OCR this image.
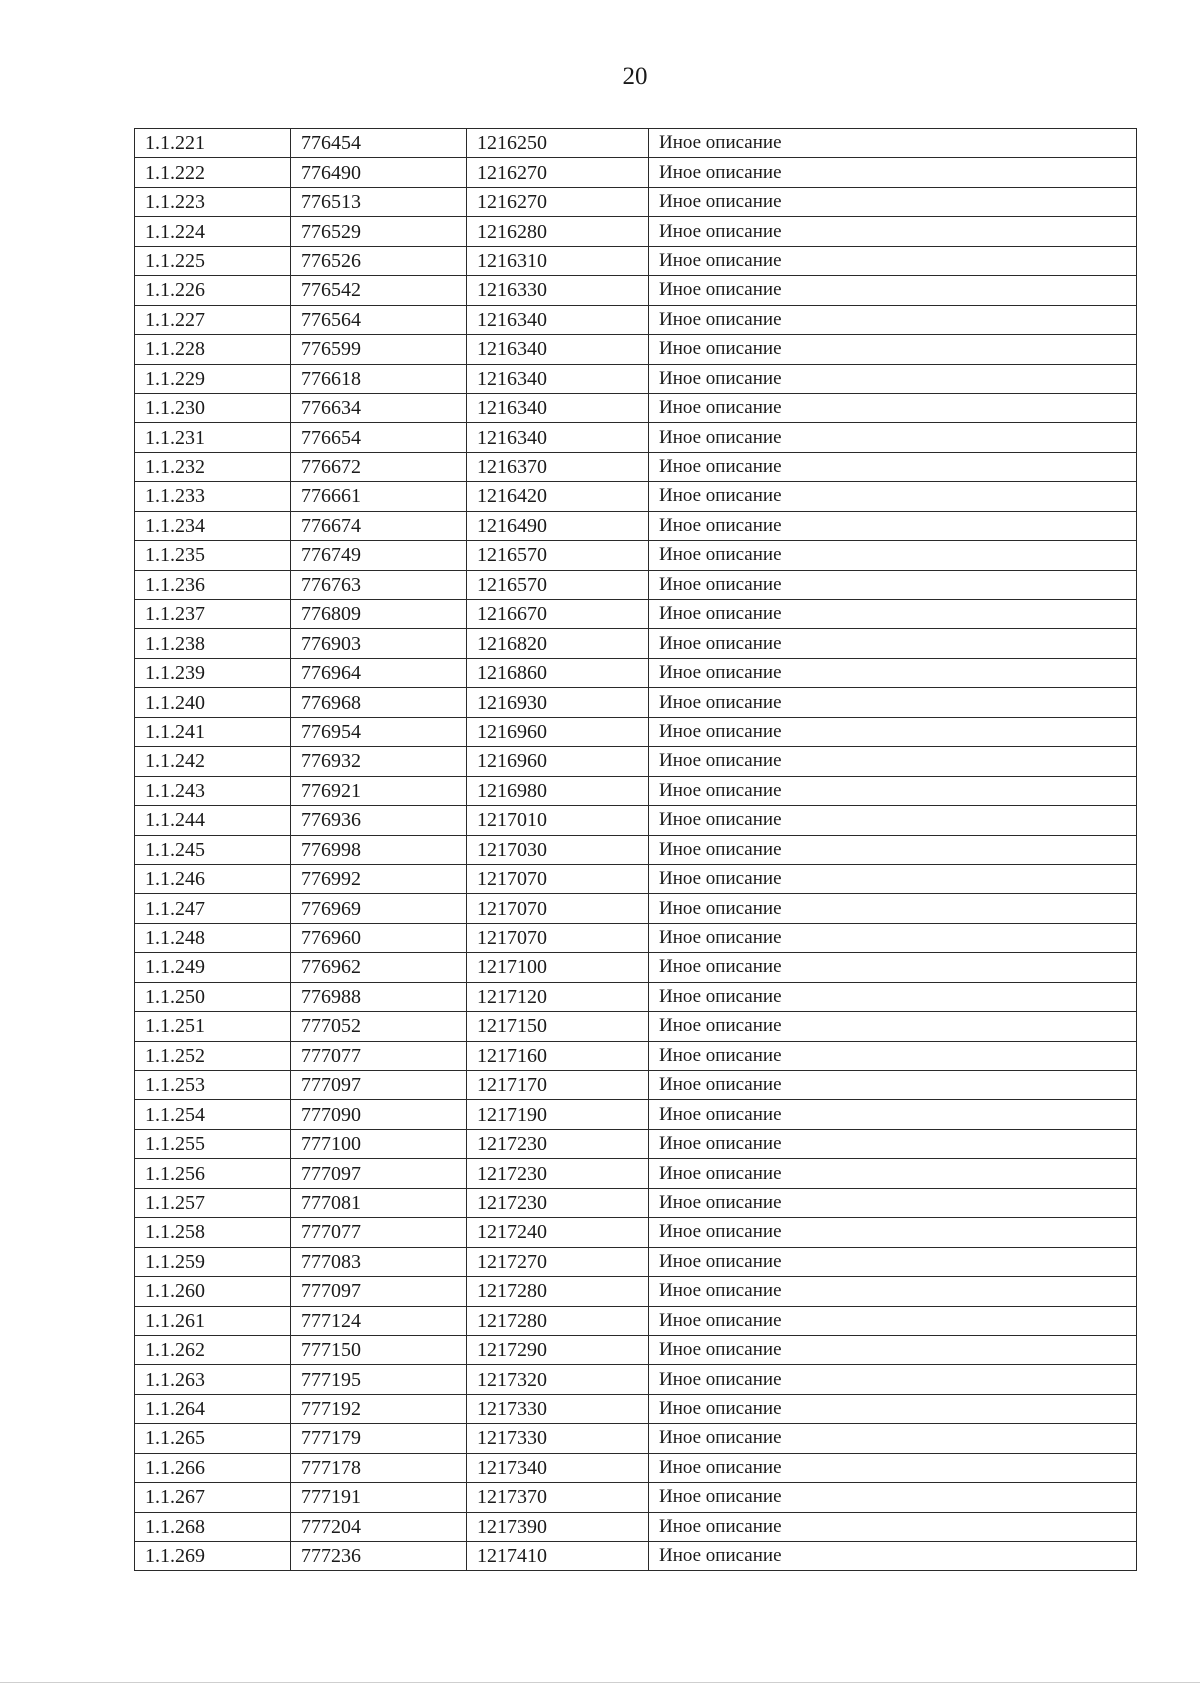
20
1.1.221	776454	1216250	Иное описание
1.1.222	776490	1216270	Иное описание
1.1.223	776513	1216270	Иное описание
1.1.224	776529	1216280	Иное описание
1.1.225	776526	1216310	Иное описание
1.1.226	776542	1216330	Иное описание
1.1.227	776564	1216340	Иное описание
1.1.228	776599	1216340	Иное описание
1.1.229	776618	1216340	Иное описание
1.1.230	776634	1216340	Иное описание
1.1.231	776654	1216340	Иное описание
1.1.232	776672	1216370	Иное описание
1.1.233	776661	1216420	Иное описание
1.1.234	776674	1216490	Иное описание
1.1.235	776749	1216570	Иное описание
1.1.236	776763	1216570	Иное описание
1.1.237	776809	1216670	Иное описание
1.1.238	776903	1216820	Иное описание
1.1.239	776964	1216860	Иное описание
1.1.240	776968	1216930	Иное описание
1.1.241	776954	1216960	Иное описание
1.1.242	776932	1216960	Иное описание
1.1.243	776921	1216980	Иное описание
1.1.244	776936	1217010	Иное описание
1.1.245	776998	1217030	Иное описание
1.1.246	776992	1217070	Иное описание
1.1.247	776969	1217070	Иное описание
1.1.248	776960	1217070	Иное описание
1.1.249	776962	1217100	Иное описание
1.1.250	776988	1217120	Иное описание
1.1.251	777052	1217150	Иное описание
1.1.252	777077	1217160	Иное описание
1.1.253	777097	1217170	Иное описание
1.1.254	777090	1217190	Иное описание
1.1.255	777100	1217230	Иное описание
1.1.256	777097	1217230	Иное описание
1.1.257	777081	1217230	Иное описание
1.1.258	777077	1217240	Иное описание
1.1.259	777083	1217270	Иное описание
1.1.260	777097	1217280	Иное описание
1.1.261	777124	1217280	Иное описание
1.1.262	777150	1217290	Иное описание
1.1.263	777195	1217320	Иное описание
1.1.264	777192	1217330	Иное описание
1.1.265	777179	1217330	Иное описание
1.1.266	777178	1217340	Иное описание
1.1.267	777191	1217370	Иное описание
1.1.268	777204	1217390	Иное описание
1.1.269	777236	1217410	Иное описание
